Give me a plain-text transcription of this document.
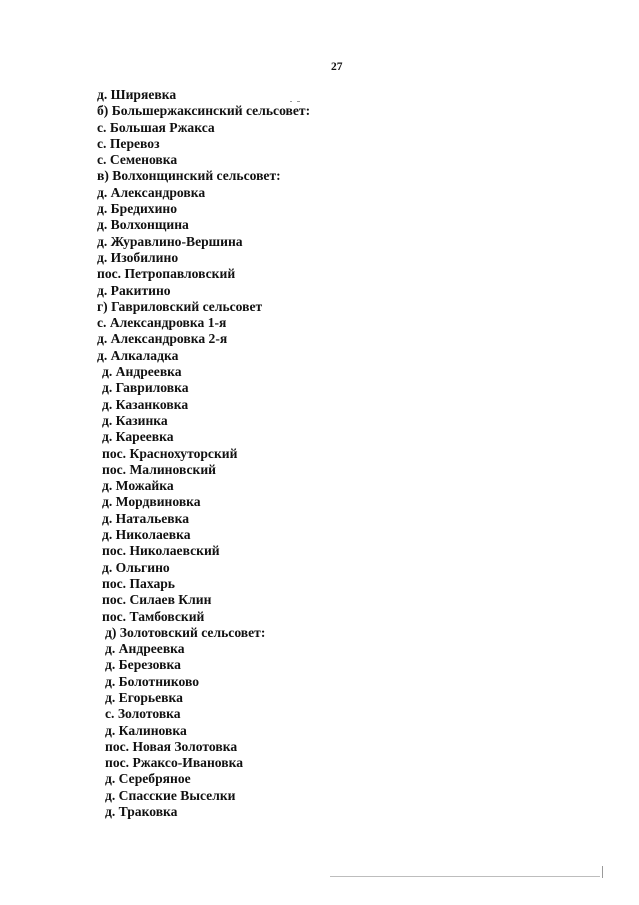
27
д. Ширяевка
б) Большержаксинский сельсовет:
с. Большая Ржакса
с. Перевоз
с. Семеновка
в) Волхонщинский сельсовет:
д. Александровка
д. Бредихино
д. Волхонщина
д. Журавлино-Вершина
д. Изобилино
пос. Петропавловский
д. Ракитино
г) Гавриловский сельсовет
с. Александровка 1-я
д. Александровка 2-я
д. Алкаладка
д. Андреевка
д. Гавриловка
д. Казанковка
д. Казинка
д. Кареевка
пос. Краснохуторский
пос. Малиновский
д. Можайка
д. Мордвиновка
д. Натальевка
д. Николаевка
пос. Николаевский
д. Ольгино
пос. Пахарь
пос. Силаев Клин
пос. Тамбовский
д) Золотовский сельсовет:
д. Андреевка
д. Березовка
д. Болотниково
д. Егорьевка
с. Золотовка
д. Калиновка
пос. Новая Золотовка
пос. Ржаксо-Ивановка
д. Серебряное
д. Спасские Выселки
д. Траковка
